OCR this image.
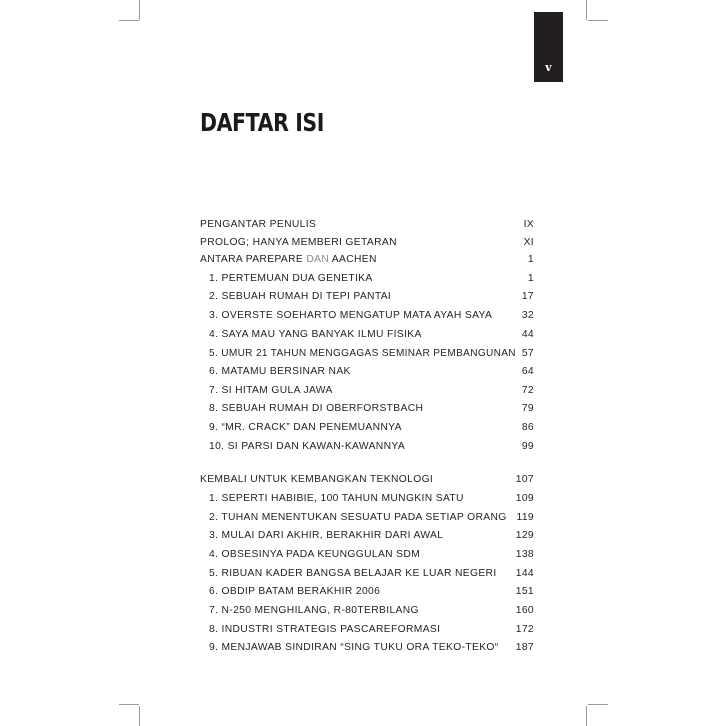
v
DAFTAR ISI
PENGANTAR PENULIS	IX
PROLOG; HANYA MEMBERI GETARAN	XI
ANTARA PAREPARE DAN AACHEN	1
1. PERTEMUAN DUA GENETIKA	1
2. SEBUAH RUMAH DI TEPI PANTAI	17
3. OVERSTE SOEHARTO MENGATUP MATA AYAH SAYA	32
4. SAYA MAU YANG BANYAK ILMU FISIKA	44
5. UMUR 21 TAHUN MENGGAGAS SEMINAR PEMBANGUNAN 57
6. MATAMU BERSINAR NAK	64
7. SI HITAM GULA JAWA	72
8. SEBUAH RUMAH DI OBERFORSTBACH	79
9. “MR. CRACK” DAN PENEMUANNYA	86
10. SI PARSI DAN KAWAN-KAWANNYA	99
KEMBALI UNTUK KEMBANGKAN TEKNOLOGI	107
1. SEPERTI HABIBIE, 100 TAHUN MUNGKIN SATU	109
2. TUHAN MENENTUKAN SESUATU PADA SETIAP ORANG 119
3. MULAI DARI AKHIR, BERAKHIR DARI AWAL	129
4. OBSESINYA PADA KEUNGGULAN SDM	138
5. RIBUAN KADER BANGSA BELAJAR KE LUAR NEGERI 144
6. OBDIP BATAM BERAKHIR 2006	151
7. N-250 MENGHILANG, R-80TERBILANG	160
8. INDUSTRI STRATEGIS PASCAREFORMASI	172
9. MENJAWAB SINDIRAN “SING TUKU ORA TEKO-TEKO“ 187
